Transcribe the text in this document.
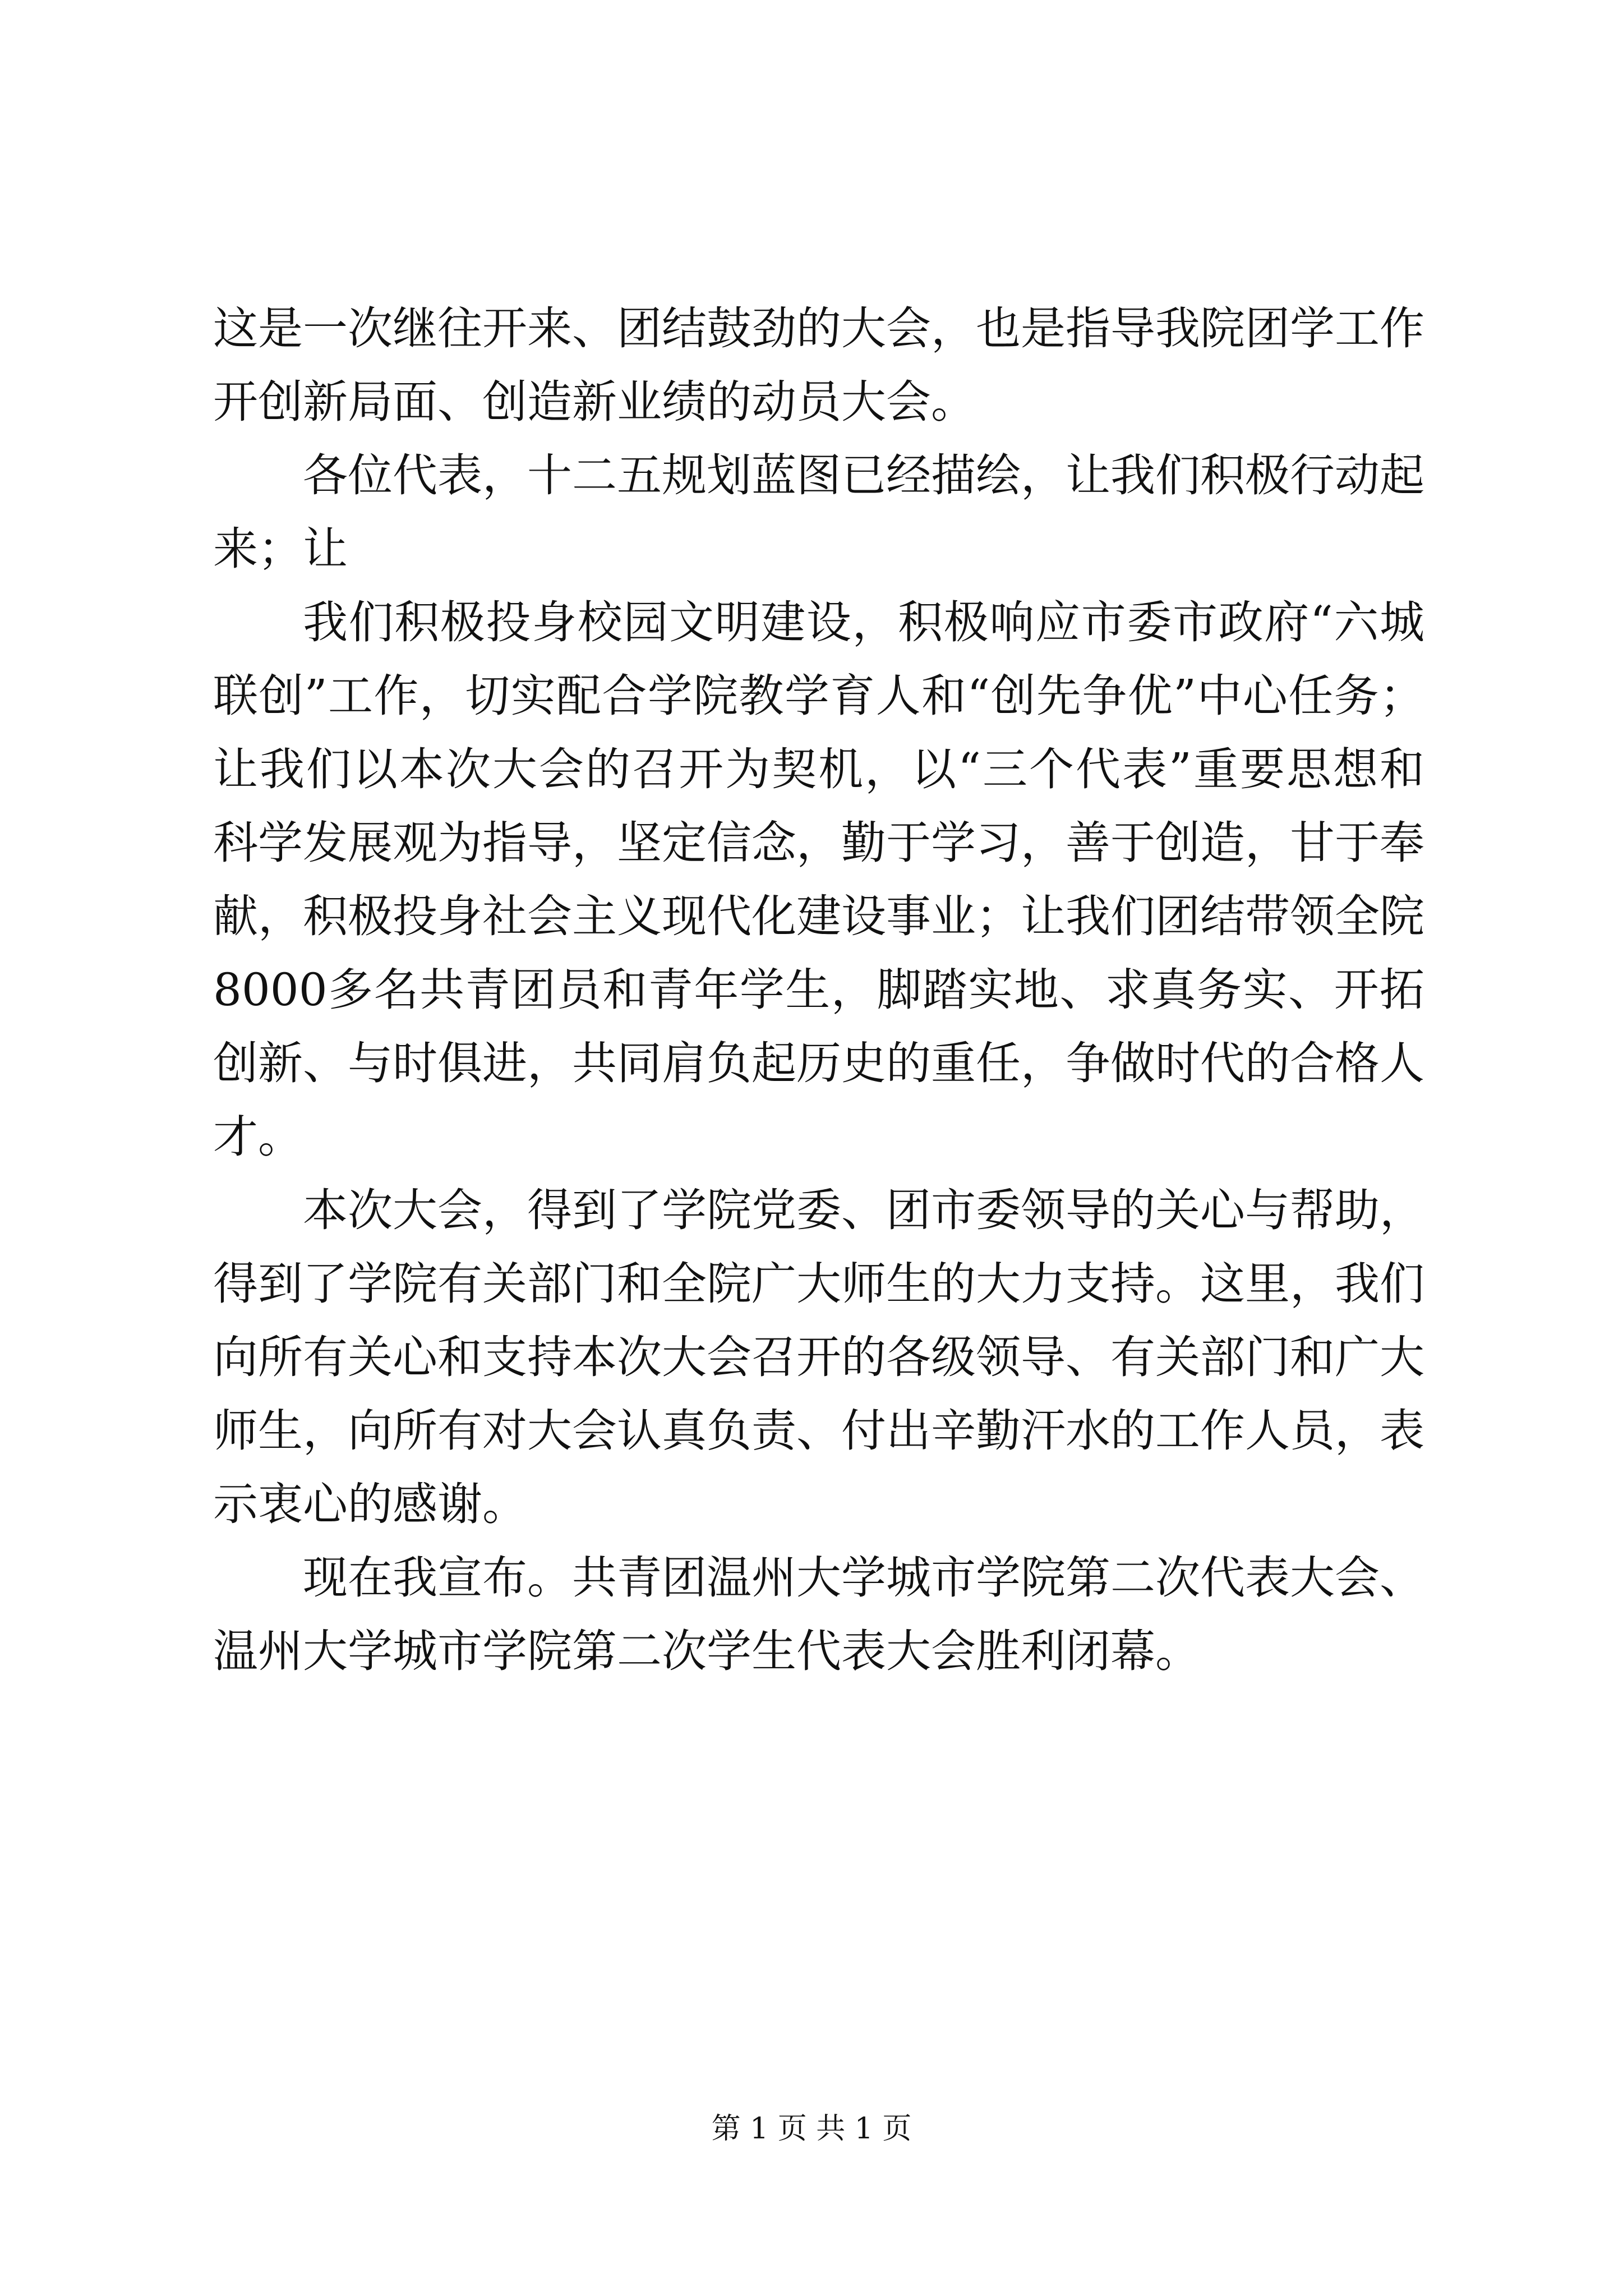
这是一次继往开来、团结鼓劲的大会，也是指导我院团学工作开创新局面、创造新业绩的动员大会。

各位代表，十二五规划蓝图已经描绘，让我们积极行动起来；让

我们积极投身校园文明建设，积极响应市委市政府“六城联创”工作，切实配合学院教学育人和“创先争优”中心任务；让我们以本次大会的召开为契机，以“三个代表”重要思想和科学发展观为指导，坚定信念，勤于学习，善于创造，甘于奉献，积极投身社会主义现代化建设事业；让我们团结带领全院8000多名共青团员和青年学生，脚踏实地、求真务实、开拓创新、与时俱进，共同肩负起历史的重任，争做时代的合格人才。

本次大会，得到了学院党委、团市委领导的关心与帮助，得到了学院有关部门和全院广大师生的大力支持。这里，我们向所有关心和支持本次大会召开的各级领导、有关部门和广大师生，向所有对大会认真负责、付出辛勤汗水的工作人员，表示衷心的感谢。

现在我宣布。共青团温州大学城市学院第二次代表大会、温州大学城市学院第二次学生代表大会胜利闭幕。

第 1 页 共 1 页
